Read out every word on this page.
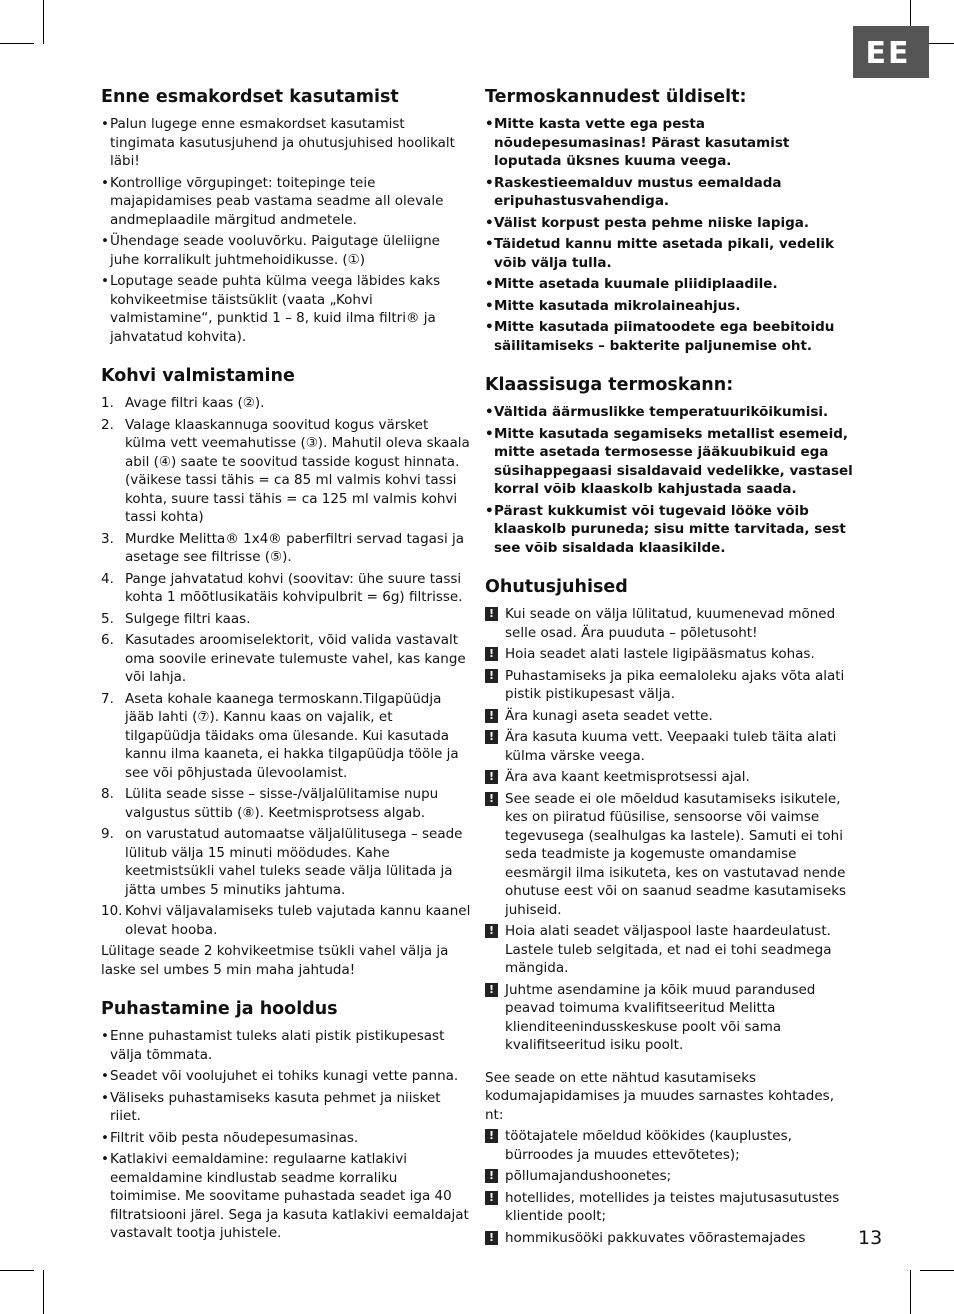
EE
Enne esmakordset kasutamist
• Palun lugege enne esmakordset kasutamist tingimata kasutusjuhend ja ohutusjuhised hoolikalt läbi!
• Kontrollige võrgupinget: toitepinge teie majapidamises peab vastama seadme all olevale andmeplaadile märgitud andmetele.
• Ühendage seade vooluvõrku. Paigutage üleliigne juhe korralikult juhtmehoidikusse. (①)
• Loputage seade puhta külma veega läbides kaks kohvikeetmise täistsüklit (vaata „Kohvi valmistamine“, punktid 1 – 8, kuid ilma filtri® ja jahvatatud kohvita).
Kohvi valmistamine
1. Avage filtri kaas (②).
2. Valage klaaskannuga soovitud kogus värsket külma vett veemahutisse (③). Mahutil oleva skaala abil (④) saate te soovitud tasside kogust hinnata. (väikese tassi tähis = ca 85 ml valmis kohvi tassi kohta, suure tassi tähis = ca 125 ml valmis kohvi tassi kohta)
3. Murdke Melitta® 1x4® paberfiltri servad tagasi ja asetage see filtrisse (⑤).
4. Pange jahvatatud kohvi (soovitav: ühe suure tassi kohta 1 mõõtlusikatäis kohvipulbrit = 6g) filtrisse.
5. Sulgege filtri kaas.
6. Kasutades aroomiselektorit, võid valida vastavalt oma soovile erinevate tulemuste vahel, kas kange või lahja.
7. Aseta kohale kaanega termoskann.Tilgapüüdja jääb lahti (⑦). Kannu kaas on vajalik, et tilgapüüdja täidaks oma ülesande. Kui kasutada kannu ilma kaaneta, ei hakka tilgapüüdja tööle ja see või põhjustada ülevoolamist.
8. Lülita seade sisse – sisse-/väljalülitamise nupu valgustus süttib (⑧). Keetmisprotsess algab.
9. on varustatud automaatse väljalülitusega – seade lülitub välja 15 minuti möödudes. Kahe keetmistsükli vahel tuleks seade välja lülitada ja jätta umbes 5 minutiks jahtuma.
10. Kohvi väljavalamiseks tuleb vajutada kannu kaanel olevat hooba.

Lülitage seade 2 kohvikeetmise tsükli vahel välja ja laske sel umbes 5 min maha jahtuda!

Puhastamine ja hooldus
• Enne puhastamist tuleks alati pistik pistikupesast välja tõmmata.
• Seadet või voolujuhet ei tohiks kunagi vette panna.
• Väliseks puhastamiseks kasuta pehmet ja niisket riiet.
• Filtrit võib pesta nõudepesumasinas.
• Katlakivi eemaldamine: regulaarne katlakivi eemaldamine kindlustab seadme korraliku toimimise. Me soovitame puhastada seadet iga 40 filtratsiooni järel. Sega ja kasuta katlakivi eemaldajat vastavalt tootja juhistele.
Termoskannudest üldiselt:
• Mitte kasta vette ega pesta nõudepesumasinas! Pärast kasutamist loputada üksnes kuuma veega.
• Raskestieemalduv mustus eemaldada eripuhastusvahendiga.
• Välist korpust pesta pehme niiske lapiga.
• Täidetud kannu mitte asetada pikali, vedelik võib välja tulla.
• Mitte asetada kuumale pliidiplaadile.
• Mitte kasutada mikrolaineahjus.
• Mitte kasutada piimatoodete ega beebitoidu säilitamiseks – bakterite paljunemise oht.
Klaassisuga termoskann:
• Vältida äärmuslikke temperatuurikõikumisi.
• Mitte kasutada segamiseks metallist esemeid, mitte asetada termosesse jääkuubikuid ega süsihappegaasi sisaldavaid vedelikke, vastasel korral võib klaaskolb kahjustada saada.
• Pärast kukkumist või tugevaid lööke võib klaaskolb puruneda; sisu mitte tarvitada, sest see võib sisaldada klaasikilde.
Ohutusjuhised
! Kui seade on välja lülitatud, kuumenevad mõned selle osad. Ära puuduta – põletusoht!
! Hoia seadet alati lastele ligipääsmatus kohas.
! Puhastamiseks ja pika eemaloleku ajaks võta alati pistik pistikupesast välja.
! Ära kunagi aseta seadet vette.
! Ära kasuta kuuma vett. Veepaaki tuleb täita alati külma värske veega.
! Ära ava kaant keetmisprotsessi ajal.
! See seade ei ole mõeldud kasutamiseks isikutele, kes on piiratud füüsilise, sensoorse või vaimse tegevusega (sealhulgas ka lastele). Samuti ei tohi seda teadmiste ja kogemuste omandamise eesmärgil ilma isikuteta, kes on vastutavad nende ohutuse eest või on saanud seadme kasutamiseks juhiseid.
! Hoia alati seadet väljaspool laste haardeulatust. Lastele tuleb selgitada, et nad ei tohi seadmega mängida.
! Juhtme asendamine ja kõik muud parandused peavad toimuma kvalifitseeritud Melitta klienditeenindusskeskuse poolt või sama kvalifitseeritud isiku poolt.

See seade on ette nähtud kasutamiseks kodumajapidamises ja muudes sarnastes kohtades, nt:

! töötajatele mõeldud köökides (kauplustes, bürroodes ja muudes ettevõtetes);
! põllumajandushoonetes;
! hotellides, motellides ja teistes majutusasutustes klientide poolt;
! hommikusööki pakkuvates võõrastemajades	13
